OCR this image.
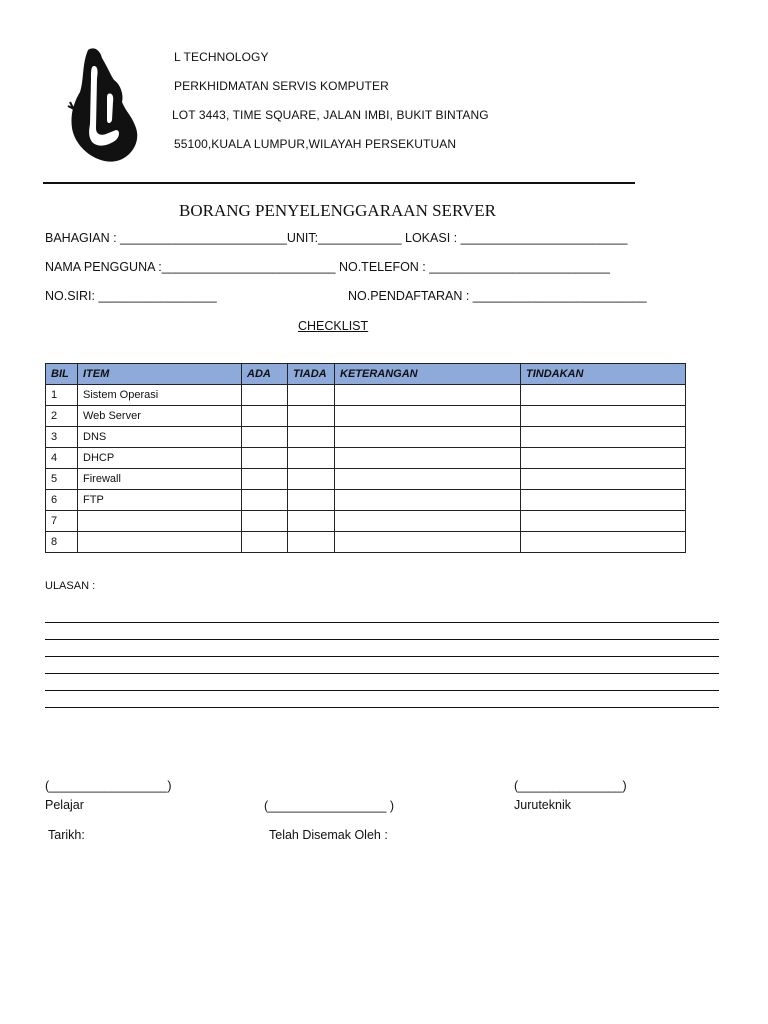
L TECHNOLOGY
PERKHIDMATAN SERVIS KOMPUTER
LOT 3443, TIME SQUARE, JALAN IMBI, BUKIT BINTANG
55100,KUALA LUMPUR,WILAYAH PERSEKUTUAN
BORANG PENYELENGGARAAN SERVER
BAHAGIAN : ________________________UNIT:____________ LOKASI : ________________________
NAMA PENGGUNA :_________________________ NO.TELEFON : __________________________
NO.SIRI: _________________	NO.PENDAFTARAN : _________________________
CHECKLIST
BIL	ITEM	ADA	TIADA	KETERANGAN	TINDAKAN
1	Sistem Operasi				
2	Web Server				
3	DNS				
4	DHCP				
5	Firewall				
6	FTP				
7					
8					
ULASAN :
(_________________)
Pelajar	(_________________ )
(_______________)
Juruteknik
Tarikh:	Telah Disemak Oleh :
